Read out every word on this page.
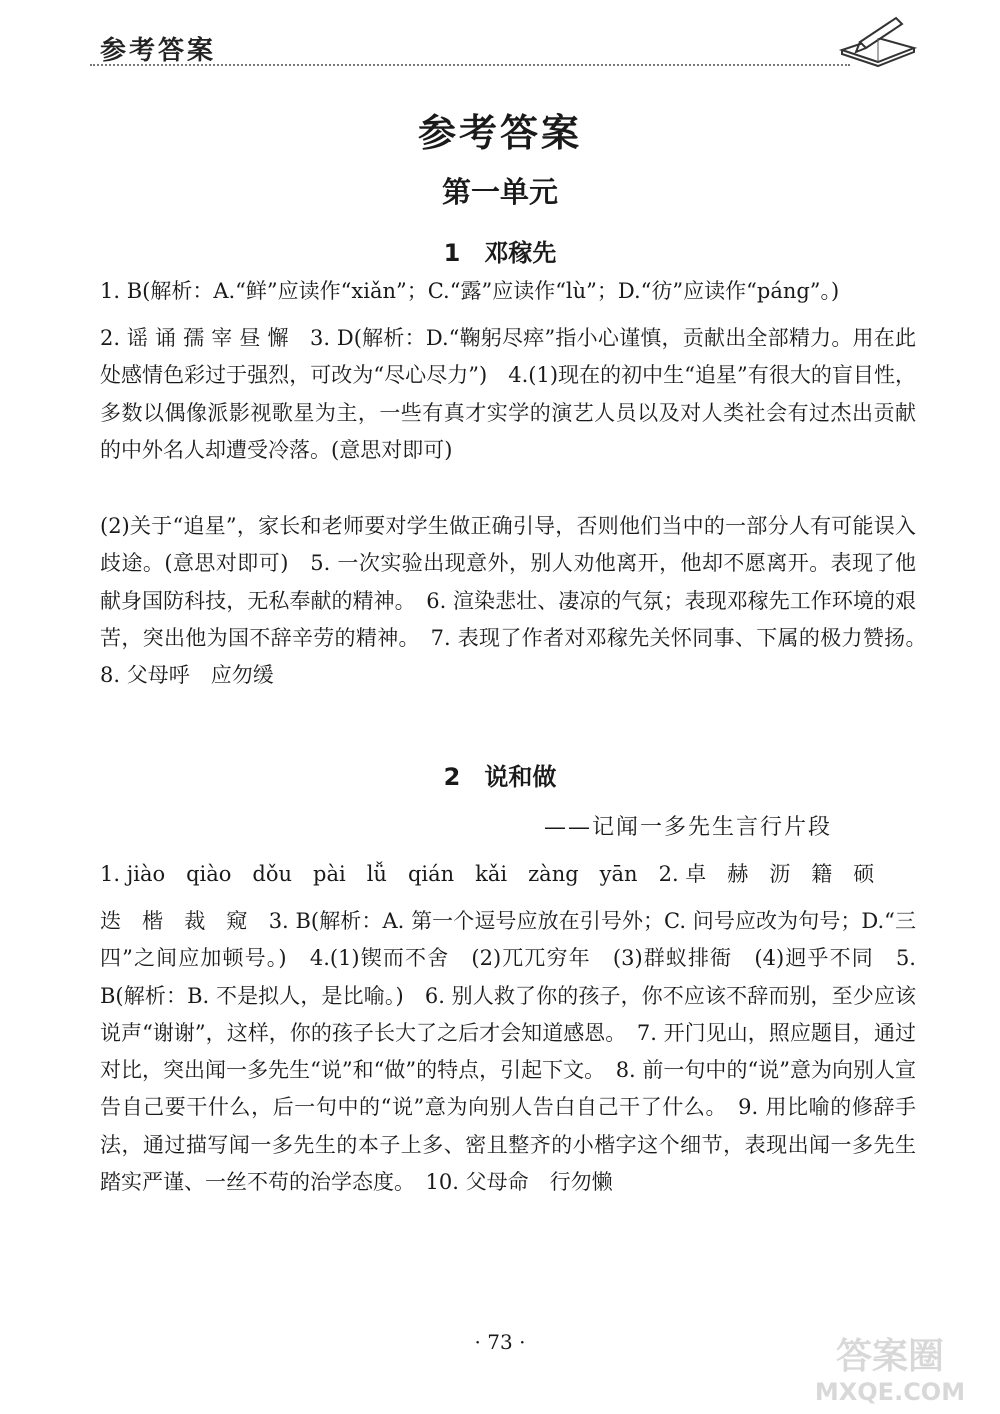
参考答案
参考答案
第一单元
1 邓稼先

1. B(解析：A.“鲜”应读作“xiǎn”；C.“露”应读作“lù”；D.“彷”应读作“páng”。)

2. 谣 诵 孺 宰 昼 懈　3. D(解析：D.“鞠躬尽瘁”指小心谨慎，贡献出全部精力。用在此处感情色彩过于强烈，可改为“尽心尽力”)　4.(1)现在的初中生“追星”有很大的盲目性，多数以偶像派影视歌星为主，一些有真才实学的演艺人员以及对人类社会有过杰出贡献的中外名人却遭受冷落。(意思对即可)

(2)关于“追星”，家长和老师要对学生做正确引导，否则他们当中的一部分人有可能误入歧途。(意思对即可)　5. 一次实验出现意外，别人劝他离开，他却不愿离开。表现了他献身国防科技，无私奉献的精神。　6. 渲染悲壮、凄凉的气氛；表现邓稼先工作环境的艰苦，突出他为国不辞辛劳的精神。　7. 表现了作者对邓稼先关怀同事、下属的极力赞扬。　8. 父母呼　应勿缓

2 说和做
——记闻一多先生言行片段

1. jiào　qiào　dǒu　pài　lǚ　qián　kǎi　zàng　yān　2. 卓　赫　沥　籍　硕

迭　楷　裁　窥　3. B(解析：A. 第一个逗号应放在引号外；C. 问号应改为句号；D.“三四”之间应加顿号。)　4.(1)锲而不舍　(2)兀兀穷年　(3)群蚁排衙　(4)迥乎不同　5. B(解析：B. 不是拟人，是比喻。)　6. 别人救了你的孩子，你不应该不辞而别，至少应该说声“谢谢”，这样，你的孩子长大了之后才会知道感恩。　7. 开门见山，照应题目，通过对比，突出闻一多先生“说”和“做”的特点，引起下文。　8. 前一句中的“说”意为向别人宣告自己要干什么，后一句中的“说”意为向别人告白自己干了什么。　9. 用比喻的修辞手法，通过描写闻一多先生的本子上多、密且整齐的小楷字这个细节，表现出闻一多先生踏实严谨、一丝不苟的治学态度。　10. 父母命　行勿懒

· 73 ·	答案圈
MXQE.COM
